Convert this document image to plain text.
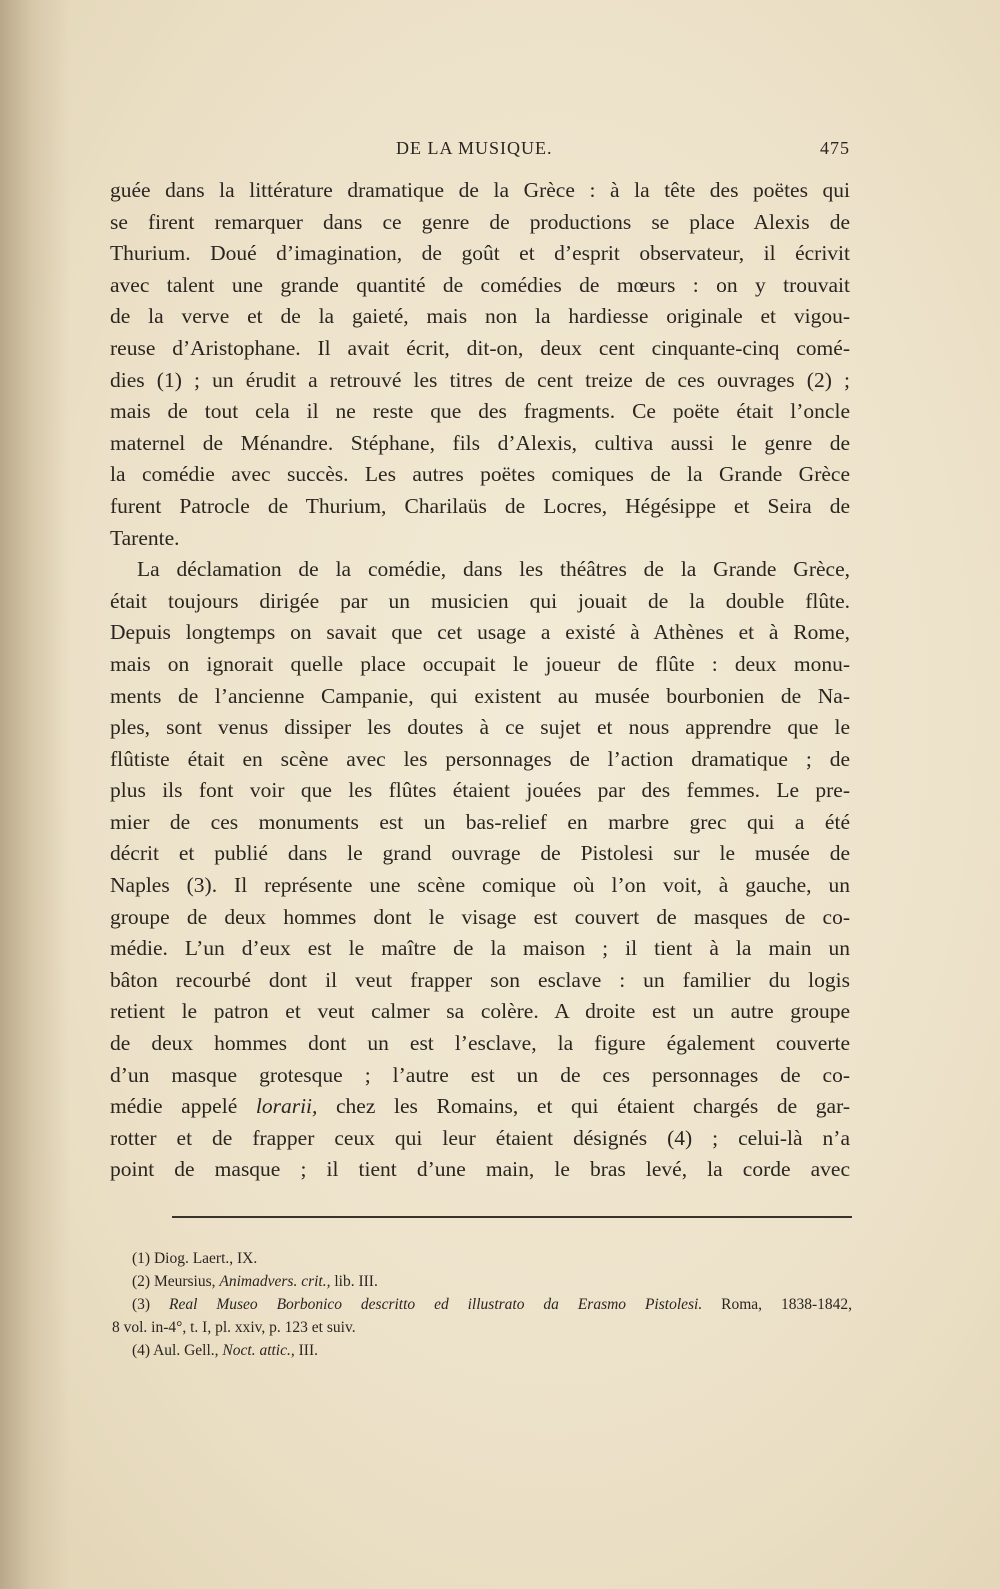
DE LA MUSIQUE.	475
guée dans la littérature dramatique de la Grèce : à la tête des poëtes qui
se firent remarquer dans ce genre de productions se place Alexis de
Thurium. Doué d’imagination, de goût et d’esprit observateur, il écrivit
avec talent une grande quantité de comédies de mœurs : on y trouvait
de la verve et de la gaieté, mais non la hardiesse originale et vigou-
reuse d’Aristophane. Il avait écrit, dit-on, deux cent cinquante-cinq comé-
dies (1) ; un érudit a retrouvé les titres de cent treize de ces ouvrages (2) ;
mais de tout cela il ne reste que des fragments. Ce poëte était l’oncle
maternel de Ménandre. Stéphane, fils d’Alexis, cultiva aussi le genre de
la comédie avec succès. Les autres poëtes comiques de la Grande Grèce
furent Patrocle de Thurium, Charilaüs de Locres, Hégésippe et Seira de
Tarente.
La déclamation de la comédie, dans les théâtres de la Grande Grèce,
était toujours dirigée par un musicien qui jouait de la double flûte.
Depuis longtemps on savait que cet usage a existé à Athènes et à Rome,
mais on ignorait quelle place occupait le joueur de flûte : deux monu-
ments de l’ancienne Campanie, qui existent au musée bourbonien de Na-
ples, sont venus dissiper les doutes à ce sujet et nous apprendre que le
flûtiste était en scène avec les personnages de l’action dramatique ; de
plus ils font voir que les flûtes étaient jouées par des femmes. Le pre-
mier de ces monuments est un bas-relief en marbre grec qui a été
décrit et publié dans le grand ouvrage de Pistolesi sur le musée de
Naples (3). Il représente une scène comique où l’on voit, à gauche, un
groupe de deux hommes dont le visage est couvert de masques de co-
médie. L’un d’eux est le maître de la maison ; il tient à la main un
bâton recourbé dont il veut frapper son esclave : un familier du logis
retient le patron et veut calmer sa colère. A droite est un autre groupe
de deux hommes dont un est l’esclave, la figure également couverte
d’un masque grotesque ; l’autre est un de ces personnages de co-
médie appelé lorarii, chez les Romains, et qui étaient chargés de gar-
rotter et de frapper ceux qui leur étaient désignés (4) ; celui-là n’a
point de masque ; il tient d’une main, le bras levé, la corde avec
(1) Diog. Laert., IX.
(2) Meursius, Animadvers. crit., lib. III.
(3) Real Museo Borbonico descritto ed illustrato da Erasmo Pistolesi. Roma, 1838-1842,
8 vol. in-4°, t. I, pl. xxiv, p. 123 et suiv.
(4) Aul. Gell., Noct. attic., III.
